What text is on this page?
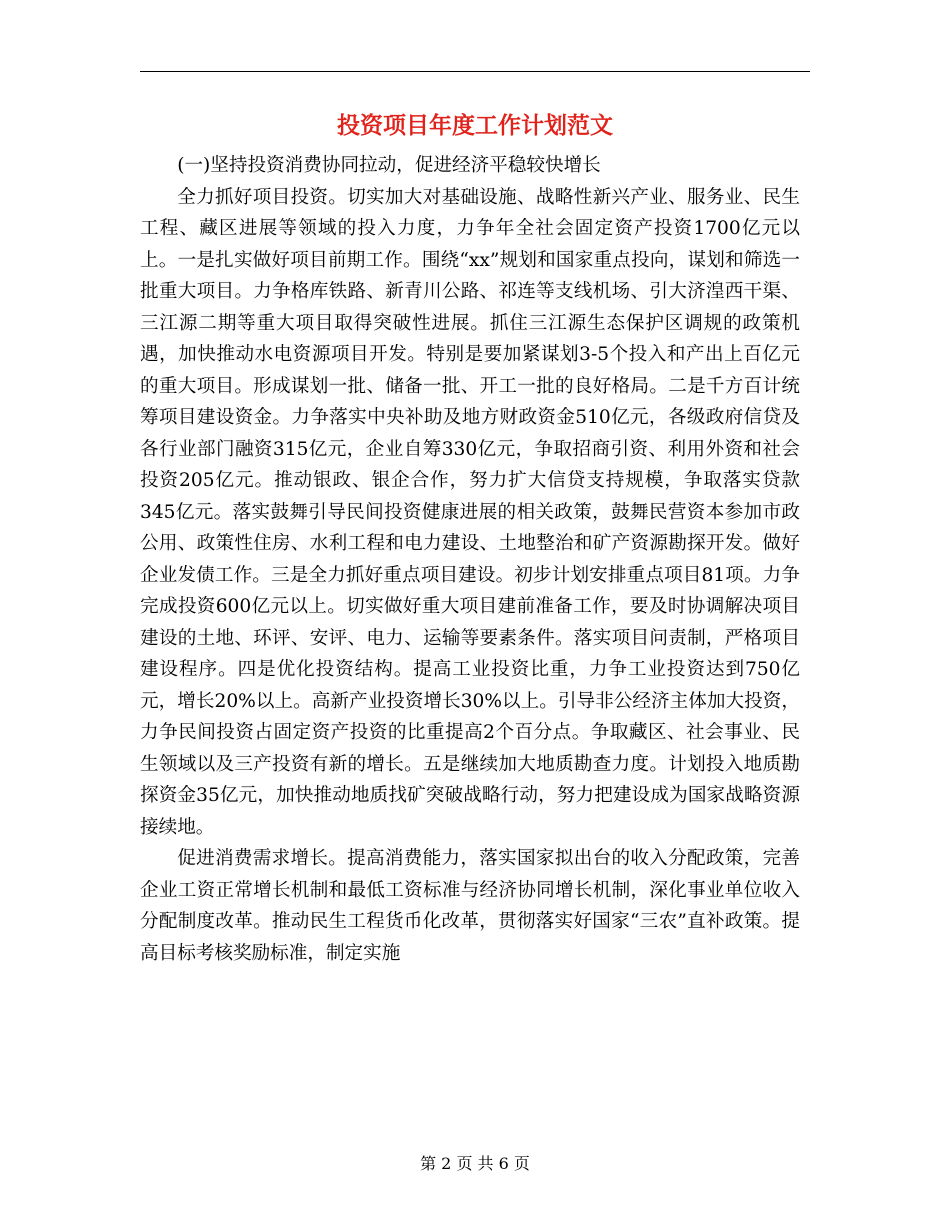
投资项目年度工作计划范文

(一)坚持投资消费协同拉动，促进经济平稳较快增长

全力抓好项目投资。切实加大对基础设施、战略性新兴产业、服务业、民生工程、藏区进展等领域的投入力度，力争年全社会固定资产投资1700亿元以上。一是扎实做好项目前期工作。围绕“xx”规划和国家重点投向，谋划和筛选一批重大项目。力争格库铁路、新青川公路、祁连等支线机场、引大济湟西干渠、三江源二期等重大项目取得突破性进展。抓住三江源生态保护区调规的政策机遇，加快推动水电资源项目开发。特别是要加紧谋划3-5个投入和产出上百亿元的重大项目。形成谋划一批、储备一批、开工一批的良好格局。二是千方百计统筹项目建设资金。力争落实中央补助及地方财政资金510亿元，各级政府信贷及各行业部门融资315亿元，企业自筹330亿元，争取招商引资、利用外资和社会投资205亿元。推动银政、银企合作，努力扩大信贷支持规模，争取落实贷款345亿元。落实鼓舞引导民间投资健康进展的相关政策，鼓舞民营资本参加市政公用、政策性住房、水利工程和电力建设、土地整治和矿产资源勘探开发。做好企业发债工作。三是全力抓好重点项目建设。初步计划安排重点项目81项。力争完成投资600亿元以上。切实做好重大项目建前准备工作，要及时协调解决项目建设的土地、环评、安评、电力、运输等要素条件。落实项目问责制，严格项目建设程序。四是优化投资结构。提高工业投资比重，力争工业投资达到750亿元，增长20%以上。高新产业投资增长30%以上。引导非公经济主体加大投资，力争民间投资占固定资产投资的比重提高2个百分点。争取藏区、社会事业、民生领域以及三产投资有新的增长。五是继续加大地质勘查力度。计划投入地质勘探资金35亿元，加快推动地质找矿突破战略行动，努力把建设成为国家战略资源接续地。

促进消费需求增长。提高消费能力，落实国家拟出台的收入分配政策，完善企业工资正常增长机制和最低工资标准与经济协同增长机制，深化事业单位收入分配制度改革。推动民生工程货币化改革，贯彻落实好国家“三农”直补政策。提高目标考核奖励标准，制定实施

第 2 页 共 6 页
